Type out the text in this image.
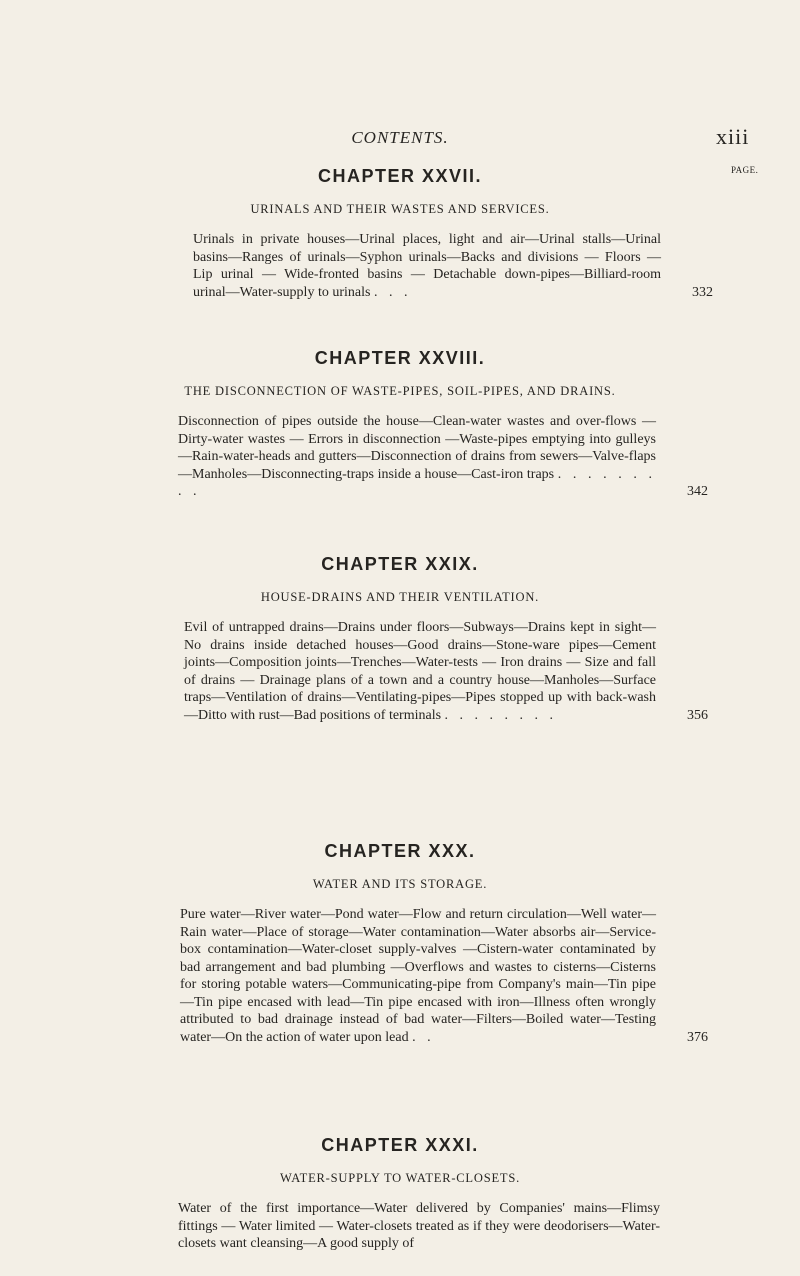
CONTENTS.	xiii
PAGE.
CHAPTER XXVII.

URINALS AND THEIR WASTES AND SERVICES.

Urinals in private houses—Urinal places, light and air—Urinal stalls—Urinal basins—Ranges of urinals—Syphon urinals—Backs and divisions — Floors — Lip urinal — Wide-fronted basins — Detachable down-pipes—Billiard-room urinal—Water-supply to urinals . . .	332
CHAPTER XXVIII.

THE DISCONNECTION OF WASTE-PIPES, SOIL-PIPES, AND DRAINS.

Disconnection of pipes outside the house—Clean-water wastes and over-flows — Dirty-water wastes — Errors in disconnection —Waste-pipes emptying into gulleys—Rain-water-heads and gutters—Disconnection of drains from sewers—Valve-flaps—Manholes—Disconnecting-traps inside a house—Cast-iron traps . . . . . . . . .	342
CHAPTER XXIX.

HOUSE-DRAINS AND THEIR VENTILATION.

Evil of untrapped drains—Drains under floors—Subways—Drains kept in sight—No drains inside detached houses—Good drains—Stone-ware pipes—Cement joints—Composition joints—Trenches—Water-tests — Iron drains — Size and fall of drains — Drainage plans of a town and a country house—Manholes—Surface traps—Ventilation of drains—Ventilating-pipes—Pipes stopped up with back-wash—Ditto with rust—Bad positions of terminals . . . . . . . .	356
CHAPTER XXX.

WATER AND ITS STORAGE.

Pure water—River water—Pond water—Flow and return circulation—Well water—Rain water—Place of storage—Water contamination—Water absorbs air—Service-box contamination—Water-closet supply-valves —Cistern-water contaminated by bad arrangement and bad plumbing —Overflows and wastes to cisterns—Cisterns for storing potable waters—Communicating-pipe from Company's main—Tin pipe—Tin pipe encased with lead—Tin pipe encased with iron—Illness often wrongly attributed to bad drainage instead of bad water—Filters—Boiled water—Testing water—On the action of water upon lead . .	376
CHAPTER XXXI.

WATER-SUPPLY TO WATER-CLOSETS.

Water of the first importance—Water delivered by Companies' mains—Flimsy fittings — Water limited — Water-closets treated as if they were deodorisers—Water-closets want cleansing—A good supply of
